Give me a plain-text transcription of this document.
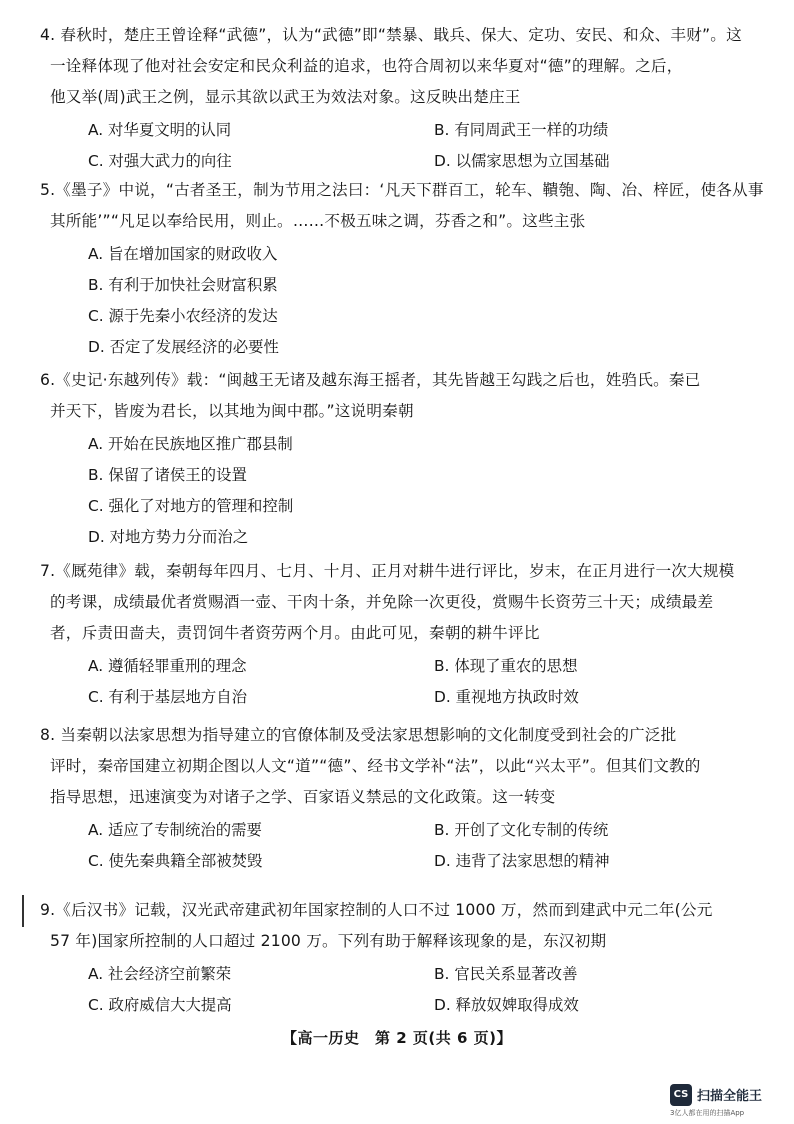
4. 春秋时，楚庄王曾诠释“武德”，认为“武德”即“禁暴、戢兵、保大、定功、安民、和众、丰财”。这
一诠释体现了他对社会安定和民众利益的追求，也符合周初以来华夏对“德”的理解。之后，
他又举(周)武王之例，显示其欲以武王为效法对象。这反映出楚庄王

A. 对华夏文明的认同	B. 有同周武王一样的功绩
C. 对强大武力的向往	D. 以儒家思想为立国基础

5.《墨子》中说，“古者圣王，制为节用之法曰：‘凡天下群百工，轮车、鞼匏、陶、冶、梓匠，使各从事
其所能’”“凡足以奉给民用，则止。……不极五味之调，芬香之和”。这些主张

A. 旨在增加国家的财政收入
B. 有利于加快社会财富积累
C. 源于先秦小农经济的发达
D. 否定了发展经济的必要性

6.《史记·东越列传》载：“闽越王无诸及越东海王摇者，其先皆越王勾践之后也，姓驺氏。秦已
并天下，皆废为君长，以其地为闽中郡。”这说明秦朝

A. 开始在民族地区推广郡县制
B. 保留了诸侯王的设置
C. 强化了对地方的管理和控制
D. 对地方势力分而治之

7.《厩苑律》载，秦朝每年四月、七月、十月、正月对耕牛进行评比，岁末，在正月进行一次大规模
的考课，成绩最优者赏赐酒一壶、干肉十条，并免除一次更役，赏赐牛长资劳三十天；成绩最差
者，斥责田啬夫，责罚饲牛者资劳两个月。由此可见，秦朝的耕牛评比

A. 遵循轻罪重刑的理念	B. 体现了重农的思想
C. 有利于基层地方自治	D. 重视地方执政时效

8. 当秦朝以法家思想为指导建立的官僚体制及受法家思想影响的文化制度受到社会的广泛批
评时，秦帝国建立初期企图以人文“道”“德”、经书文学补“法”，以此“兴太平”。但其们文教的
指导思想，迅速演变为对诸子之学、百家语义禁忌的文化政策。这一转变

A. 适应了专制统治的需要	B. 开创了文化专制的传统
C. 使先秦典籍全部被焚毁	D. 违背了法家思想的精神

9.《后汉书》记载，汉光武帝建武初年国家控制的人口不过 1000 万，然而到建武中元二年(公元
57 年)国家所控制的人口超过 2100 万。下列有助于解释该现象的是，东汉初期

A. 社会经济空前繁荣	B. 官民关系显著改善
C. 政府威信大大提高	D. 释放奴婢取得成效
【高一历史　第 2 页(共 6 页)】
CS 扫描全能王
3亿人都在用的扫描App
